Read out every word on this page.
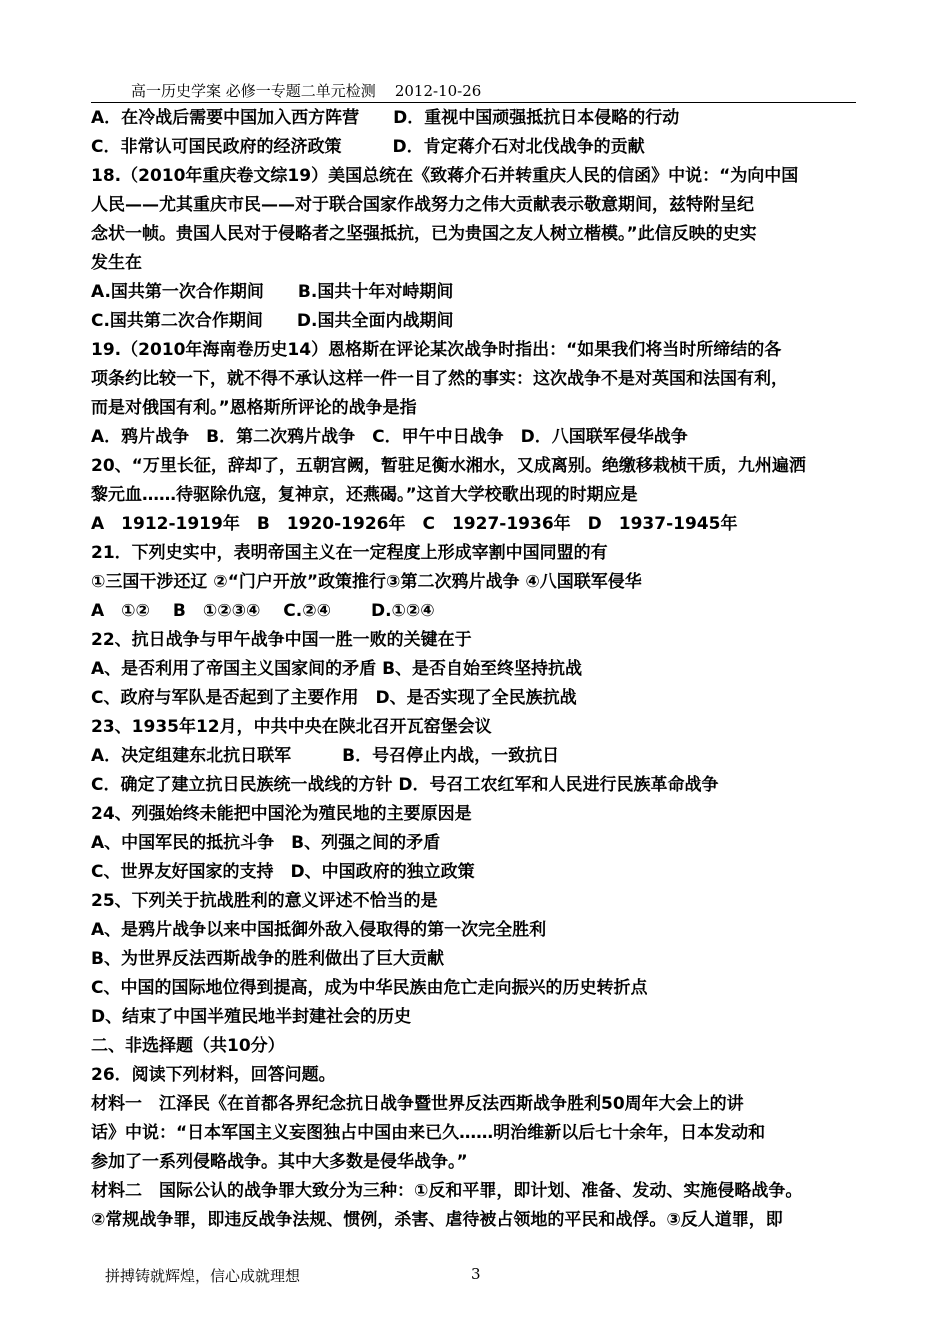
高一历史学案 必修一专题二单元检测    2012-10-26
A．在冷战后需要中国加入西方阵营　　D．重视中国顽强抵抗日本侵略的行动
C．非常认可国民政府的经济政策　　　D．肯定蒋介石对北伐战争的贡献
18.（2010年重庆卷文综19）美国总统在《致蒋介石并转重庆人民的信函》中说：“为向中国
人民——尤其重庆市民——对于联合国家作战努力之伟大贡献表示敬意期间，兹特附呈纪
念状一帧。贵国人民对于侵略者之坚强抵抗，已为贵国之友人树立楷模。”此信反映的史实
发生在
A.国共第一次合作期间　　B.国共十年对峙期间
C.国共第二次合作期间　　D.国共全面内战期间
19.（2010年海南卷历史14）恩格斯在评论某次战争时指出：“如果我们将当时所缔结的各
项条约比较一下，就不得不承认这样一件一目了然的事实：这次战争不是对英国和法国有利，
而是对俄国有利。”恩格斯所评论的战争是指
A．鸦片战争　B．第二次鸦片战争　C．甲午中日战争　D．八国联军侵华战争
20、“万里长征，辞却了，五朝宫阙，暂驻足衡水湘水，又成离别。绝缴移栽桢干质，九州遍洒
黎元血……待驱除仇寇，复神京，还燕碣。”这首大学校歌出现的时期应是
A　1912-1919年　B　1920-1926年　C　1927-1936年　D　1937-1945年
21．下列史实中，表明帝国主义在一定程度上形成宰割中国同盟的有
①三国干涉还辽 ②“门户开放”政策推行③第二次鸦片战争 ④八国联军侵华
A　①②　 B　①②③④　 C.②④　　 D.①②④
22、抗日战争与甲午战争中国一胜一败的关键在于
A、是否利用了帝国主义国家间的矛盾 B、是否自始至终坚持抗战
C、政府与军队是否起到了主要作用　D、是否实现了全民族抗战
23、1935年12月，中共中央在陕北召开瓦窑堡会议
A．决定组建东北抗日联军　　　B．号召停止内战，一致抗日
C．确定了建立抗日民族统一战线的方针 D．号召工农红军和人民进行民族革命战争
24、列强始终未能把中国沦为殖民地的主要原因是
A、中国军民的抵抗斗争　B、列强之间的矛盾
C、世界友好国家的支持　D、中国政府的独立政策
25、下列关于抗战胜利的意义评述不恰当的是
A、是鸦片战争以来中国抵御外敌入侵取得的第一次完全胜利
B、为世界反法西斯战争的胜利做出了巨大贡献
C、中国的国际地位得到提高，成为中华民族由危亡走向振兴的历史转折点
D、结束了中国半殖民地半封建社会的历史
二、非选择题（共10分）
26．阅读下列材料，回答问题。
材料一　江泽民《在首都各界纪念抗日战争暨世界反法西斯战争胜利50周年大会上的讲
话》中说：“日本军国主义妄图独占中国由来已久……明治维新以后七十余年，日本发动和
参加了一系列侵略战争。其中大多数是侵华战争。”
材料二　国际公认的战争罪大致分为三种：①反和平罪，即计划、准备、发动、实施侵略战争。
②常规战争罪，即违反战争法规、惯例，杀害、虐待被占领地的平民和战俘。③反人道罪，即
拼搏铸就辉煌，信心成就理想	3
